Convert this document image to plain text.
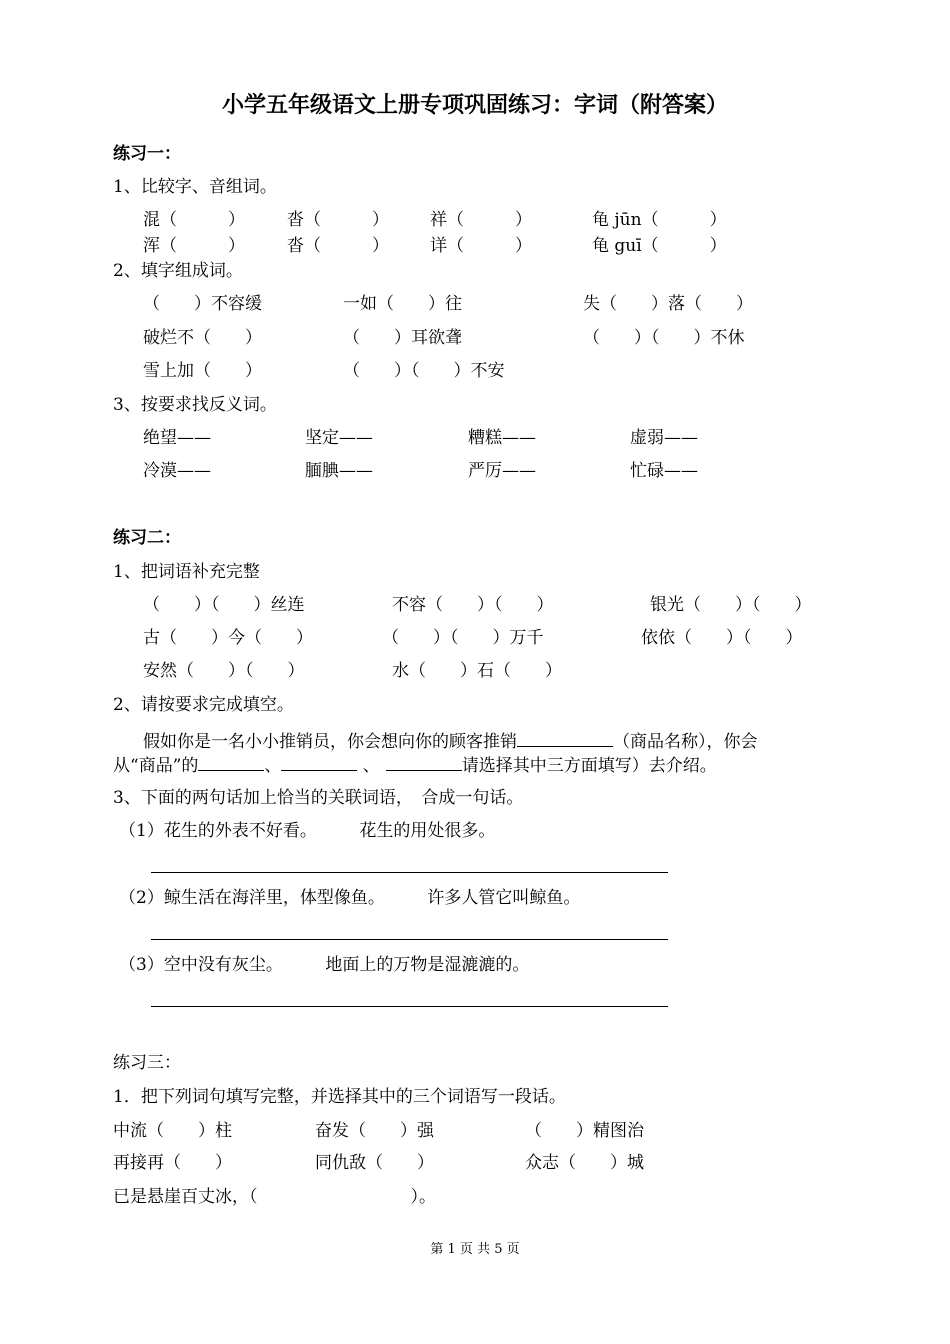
小学五年级语文上册专项巩固练习：字词（附答案）
练习一：
1、比较字、音组词。
混（　　　） 沓（　　　） 祥（　　　）	龟 jūn（　　　）
浑（　　　） 沓（　　　） 详（　　　）	龟 guī（　　　）
2、填字组成词。
（　　）不容缓	一如（　　）往	失（　　）落（　　）
破烂不（　　）	（　　）耳欲聋	（　　）（　　）不休
雪上加（　　）	（　　）（　　）不安
3、按要求找反义词。
绝望——	坚定——	糟糕——	虚弱——
冷漠——	腼腆——	严厉——	忙碌——
练习二：
1、把词语补充完整
（　　）（　　）丝连	不容（　　）（　　）	银光（　　）（　　）
古（　　）今（　　）	（　　）（　　）万千	依依（　　）（　　）
安然（　　）（　　）	水（　　）石（　　）
2、请按要求完成填空。
假如你是一名小小推销员，你会想向你的顾客推销	（商品名称），你会
从“商品”的	、	、	请选择其中三方面填写）去介绍。
3、下面的两句话加上恰当的关联词语，　合成一句话。
（1）花生的外表不好看。　　　花生的用处很多。
（2）鲸生活在海洋里，体型像鱼。　　　许多人管它叫鲸鱼。
（3）空中没有灰尘。　　　地面上的万物是湿漉漉的。
练习三：
1．把下列词句填写完整，并选择其中的三个词语写一段话。
中流（　　）柱	奋发（　　）强	（　　）精图治
再接再（　　）	同仇敌（　　）	众志（　　）城
已是悬崖百丈冰，（　　　　　　　　　）。
第 1 页 共 5 页
